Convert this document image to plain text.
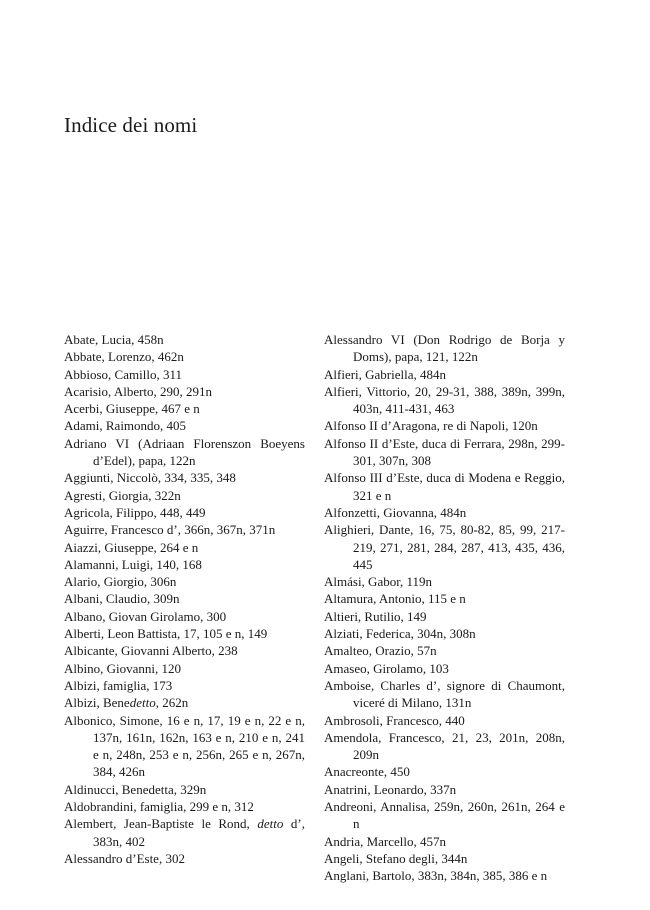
Indice dei nomi

Abate, Lucia, 458n

Abbate, Lorenzo, 462n

Abbioso, Camillo, 311

Acarisio, Alberto, 290, 291n

Acerbi, Giuseppe, 467 e n

Adami, Raimondo, 405

Adriano VI (Adriaan Florenszon Boeyens d’Edel), papa, 122n

Aggiunti, Niccolò, 334, 335, 348

Agresti, Giorgia, 322n

Agricola, Filippo, 448, 449

Aguirre, Francesco d’, 366n, 367n, 371n

Aiazzi, Giuseppe, 264 e n

Alamanni, Luigi, 140, 168

Alario, Giorgio, 306n

Albani, Claudio, 309n

Albano, Giovan Girolamo, 300

Alberti, Leon Battista, 17, 105 e n, 149

Albicante, Giovanni Alberto, 238

Albino, Giovanni, 120

Albizi, famiglia, 173

Albizi, Benedetto, 262n

Albonico, Simone, 16 e n, 17, 19 e n, 22 e n, 137n, 161n, 162n, 163 e n, 210 e n, 241 e n, 248n, 253 e n, 256n, 265 e n, 267n, 384, 426n

Aldinucci, Benedetta, 329n

Aldobrandini, famiglia, 299 e n, 312

Alembert, Jean-Baptiste le Rond, detto d’, 383n, 402

Alessandro d’Este, 302

Alessandro VI (Don Rodrigo de Borja y Doms), papa, 121, 122n

Alfieri, Gabriella, 484n

Alfieri, Vittorio, 20, 29-31, 388, 389n, 399n, 403n, 411-431, 463

Alfonso II d’Aragona, re di Napoli, 120n

Alfonso II d’Este, duca di Ferrara, 298n, 299-301, 307n, 308

Alfonso III d’Este, duca di Modena e Reggio, 321 e n

Alfonzetti, Giovanna, 484n

Alighieri, Dante, 16, 75, 80-82, 85, 99, 217-219, 271, 281, 284, 287, 413, 435, 436, 445

Almási, Gabor, 119n

Altamura, Antonio, 115 e n

Altieri, Rutilio, 149

Alziati, Federica, 304n, 308n

Amalteo, Orazio, 57n

Amaseo, Girolamo, 103

Amboise, Charles d’, signore di Chaumont, viceré di Milano, 131n

Ambrosoli, Francesco, 440

Amendola, Francesco, 21, 23, 201n, 208n, 209n

Anacreonte, 450

Anatrini, Leonardo, 337n

Andreoni, Annalisa, 259n, 260n, 261n, 264 e n

Andria, Marcello, 457n

Angeli, Stefano degli, 344n

Anglani, Bartolo, 383n, 384n, 385, 386 e n
